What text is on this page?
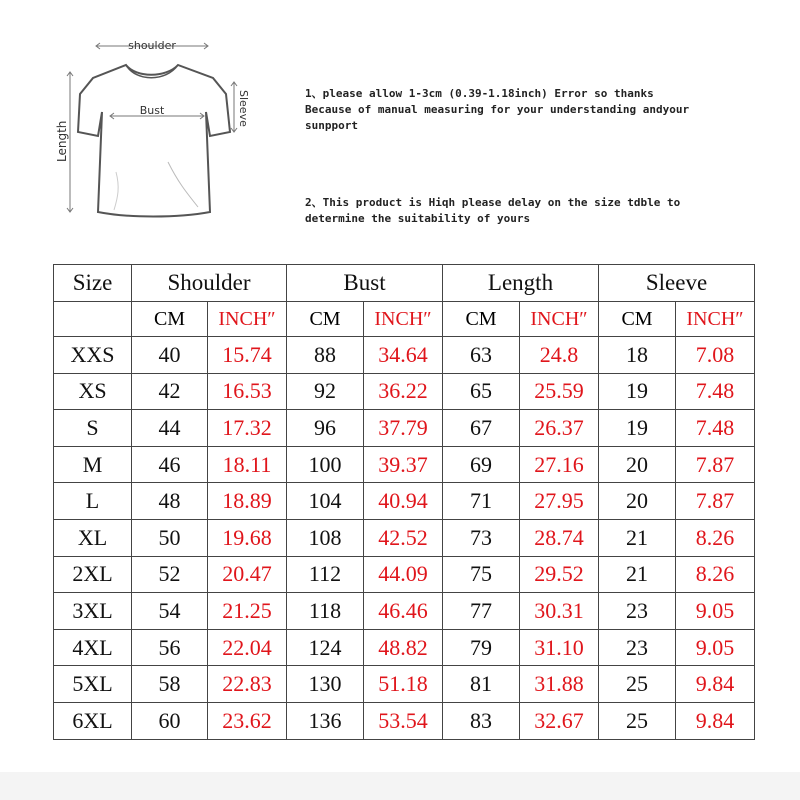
shoulder
Bust	Sleeve
Length

1、please allow 1-3cm (0.39-1.18inch) Error so thanks

Because of manual measuring for your understanding andyour

sunpport

2、This product is Hiqh please delay on the size tdble to

determine the suitability of yours

Size	Shoulder		Bust		Length		Sleeve	
	CM	INCH″	CM	INCH″	CM	INCH″	CM	INCH″
XXS	40	15.74	88	34.64	63	24.8	18	7.08
XS	42	16.53	92	36.22	65	25.59	19	7.48
S	44	17.32	96	37.79	67	26.37	19	7.48
M	46	18.11	100	39.37	69	27.16	20	7.87
L	48	18.89	104	40.94	71	27.95	20	7.87
XL	50	19.68	108	42.52	73	28.74	21	8.26
2XL	52	20.47	112	44.09	75	29.52	21	8.26
3XL	54	21.25	118	46.46	77	30.31	23	9.05
4XL	56	22.04	124	48.82	79	31.10	23	9.05
5XL	58	22.83	130	51.18	81	31.88	25	9.84
6XL	60	23.62	136	53.54	83	32.67	25	9.84
